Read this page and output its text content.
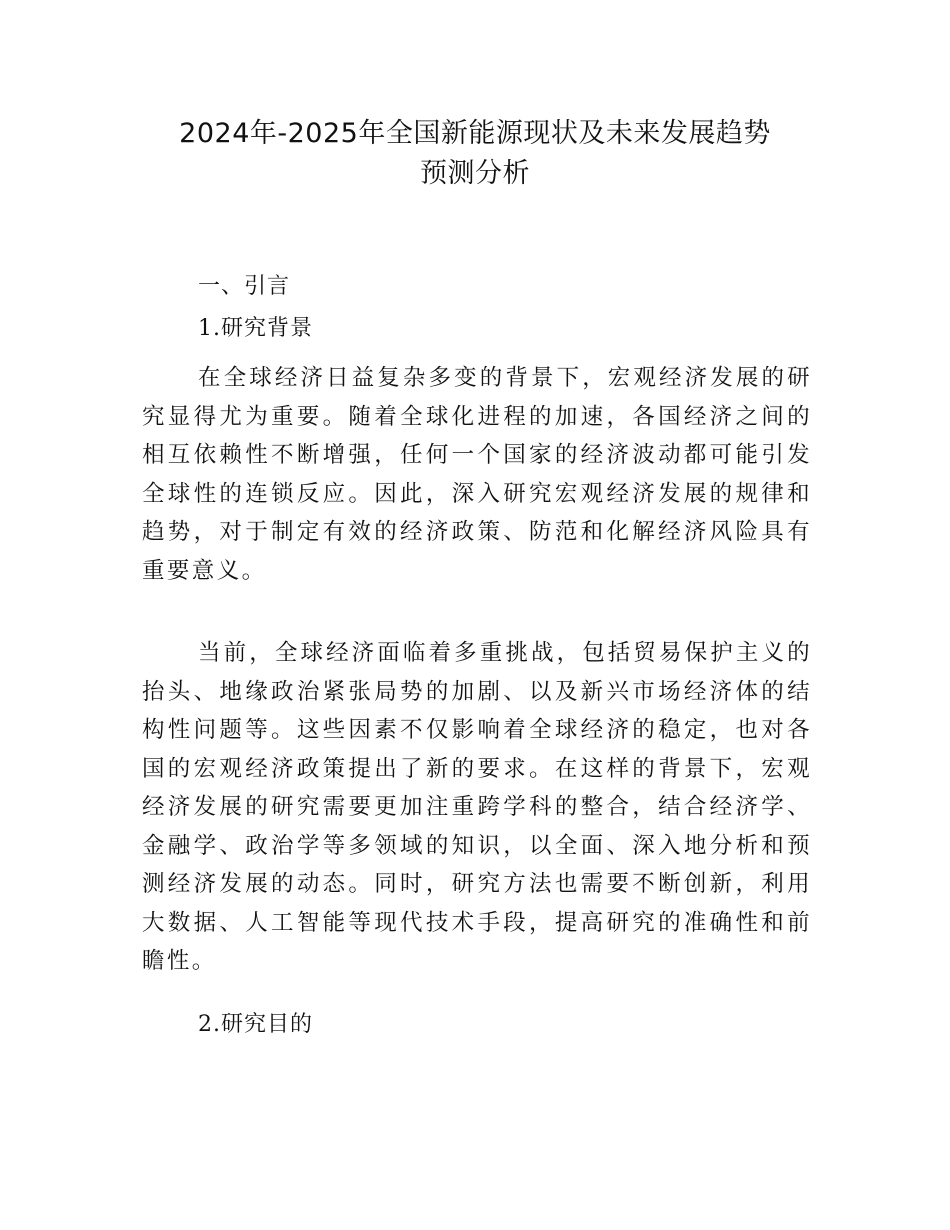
2024年-2025年全国新能源现状及未来发展趋势
预测分析
一、引言
1.研究背景

在全球经济日益复杂多变的背景下，宏观经济发展的研究显得尤为重要。随着全球化进程的加速，各国经济之间的相互依赖性不断增强，任何一个国家的经济波动都可能引发全球性的连锁反应。因此，深入研究宏观经济发展的规律和趋势，对于制定有效的经济政策、防范和化解经济风险具有重要意义。

当前，全球经济面临着多重挑战，包括贸易保护主义的抬头、地缘政治紧张局势的加剧、以及新兴市场经济体的结构性问题等。这些因素不仅影响着全球经济的稳定，也对各国的宏观经济政策提出了新的要求。在这样的背景下，宏观经济发展的研究需要更加注重跨学科的整合，结合经济学、金融学、政治学等多领域的知识，以全面、深入地分析和预测经济发展的动态。同时，研究方法也需要不断创新，利用大数据、人工智能等现代技术手段，提高研究的准确性和前瞻性。

2.研究目的
